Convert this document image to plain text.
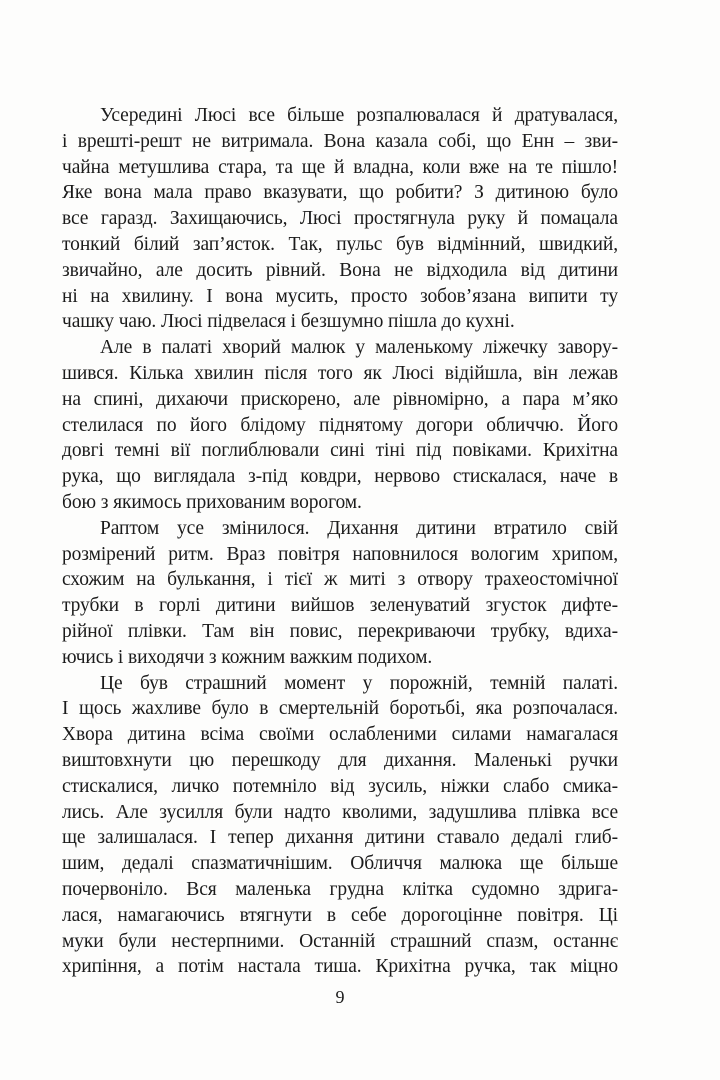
Усередині Люсі все більше розпалювалася й дратувалася,
і врешті-решт не витримала. Вона казала собі, що Енн – зви-
чайна метушлива стара, та ще й владна, коли вже на те пішло!
Яке вона мала право вказувати, що робити? З дитиною було
все гаразд. Захищаючись, Люсі простягнула руку й помацала
тонкий білий зап’ясток. Так, пульс був відмінний, швидкий,
звичайно, але досить рівний. Вона не відходила від дитини
ні на хвилину. І вона мусить, просто зобов’язана випити ту
чашку чаю. Люсі підвелася і безшумно пішла до кухні.

Але в палаті хворий малюк у маленькому ліжечку завору-
шився. Кілька хвилин після того як Люсі відійшла, він лежав
на спині, дихаючи прискорено, але рівномірно, а пара м’яко
стелилася по його блідому піднятому догори обличчю. Його
довгі темні вії поглиблювали сині тіні під повіками. Крихітна
рука, що виглядала з-під ковдри, нервово стискалася, наче в
бою з якимось прихованим ворогом.

Раптом усе змінилося. Дихання дитини втратило свій
розмірений ритм. Враз повітря наповнилося вологим хрипом,
схожим на булькання, і тієї ж миті з отвору трахеостомічної
трубки в горлі дитини вийшов зеленуватий згусток дифте-
рійної плівки. Там він повис, перекриваючи трубку, вдиха-
ючись і виходячи з кожним важким подихом.

Це був страшний момент у порожній, темній палаті.
І щось жахливе було в смертельній боротьбі, яка розпочалася.
Хвора дитина всіма своїми ослабленими силами намагалася
виштовхнути цю перешкоду для дихання. Маленькі ручки
стискалися, личко потемніло від зусиль, ніжки слабо смика-
лись. Але зусилля були надто кволими, задушлива плівка все
ще залишалася. І тепер дихання дитини ставало дедалі глиб-
шим, дедалі спазматичнішим. Обличчя малюка ще більше
почервоніло. Вся маленька грудна клітка судомно здрига-
лася, намагаючись втягнути в себе дорогоцінне повітря. Ці
муки були нестерпними. Останній страшний спазм, останнє
хрипіння, а потім настала тиша. Крихітна ручка, так міцно

9
